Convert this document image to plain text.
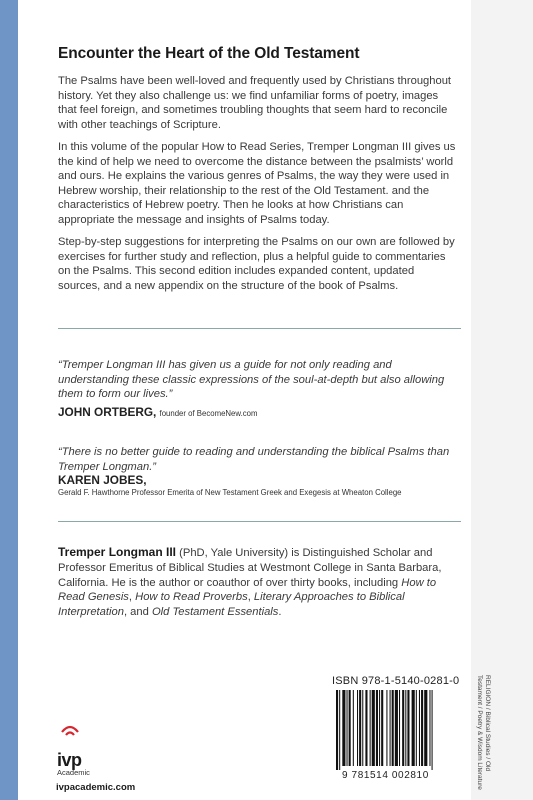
Encounter the Heart of the Old Testament
The Psalms have been well-loved and frequently used by Christians throughout history. Yet they also challenge us: we find unfamiliar forms of poetry, images that feel foreign, and sometimes troubling thoughts that seem hard to reconcile with other teachings of Scripture.
In this volume of the popular How to Read Series, Tremper Longman III gives us the kind of help we need to overcome the distance between the psalmists’ world and ours. He explains the various genres of Psalms, the way they were used in Hebrew worship, their relationship to the rest of the Old Testament. and the characteristics of Hebrew poetry. Then he looks at how Christians can appropriate the message and insights of Psalms today.
Step-by-step suggestions for interpreting the Psalms on our own are followed by exercises for further study and reflection, plus a helpful guide to commentaries on the Psalms. This second edition includes expanded content, updated sources, and a new appendix on the structure of the book of Psalms.
“Tremper Longman III has given us a guide for not only reading and understanding these classic expressions of the soul-at-depth but also allowing them to form our lives.”
JOHN ORTBERG, founder of BecomeNew.com
“There is no better guide to reading and understanding the biblical Psalms than Tremper Longman.”
KAREN JOBES,
Gerald F. Hawthorne Professor Emerita of New Testament Greek and Exegesis at Wheaton College
Tremper Longman III (PhD, Yale University) is Distinguished Scholar and Professor Emeritus of Biblical Studies at Westmont College in Santa Barbara, California. He is the author or coauthor of over thirty books, including How to Read Genesis, How to Read Proverbs, Literary Approaches to Biblical Interpretation, and Old Testament Essentials.
ivp
Academic
ivpacademic.com
ISBN 978-1-5140-0281-0
9 781514 002810
RELIGION / Biblical Studies / Old Testament / Poetry & Wisdom Literature
